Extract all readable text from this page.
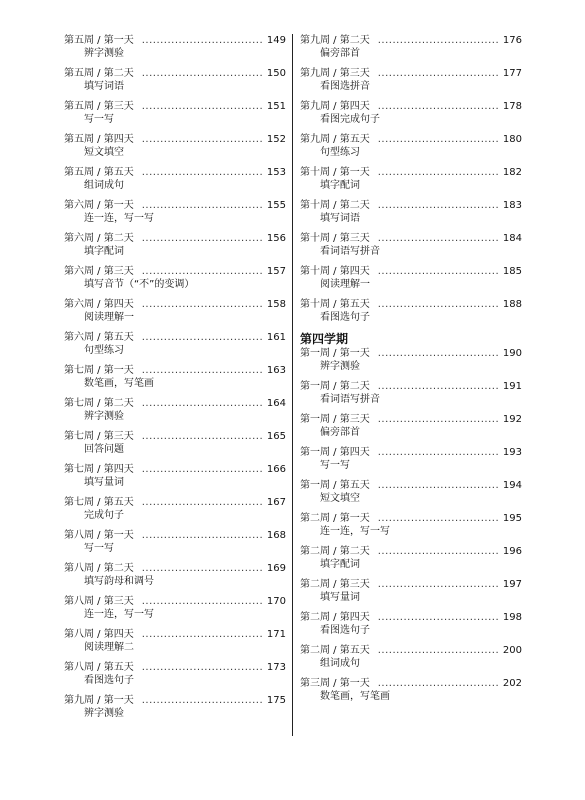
第五周 / 第一天 .....	149
辨字测验
第五周 / 第二天 .....	150
填写词语
第五周 / 第三天 .....	151
写一写
第五周 / 第四天 .....	152
短文填空
第五周 / 第五天 .....	153
组词成句
第六周 / 第一天 .....	155
连一连，写一写
第六周 / 第二天 .....	156
填字配词
第六周 / 第三天 .....	157
填写音节（“不”的变调）
第六周 / 第四天 .....	158
阅读理解一
第六周 / 第五天 .....	161
句型练习
第七周 / 第一天 .....	163
数笔画，写笔画
第七周 / 第二天 .....	164
辨字测验
第七周 / 第三天 .....	165
回答问题
第七周 / 第四天 .....	166
填写量词
第七周 / 第五天 .....	167
完成句子
第八周 / 第一天 .....	168
写一写
第八周 / 第二天 .....	169
填写韵母和调号
第八周 / 第三天 .....	170
连一连，写一写
第八周 / 第四天 .....	171
阅读理解二
第八周 / 第五天 .....	173
看图选句子
第九周 / 第一天 .....	175
辨字测验
第九周 / 第二天 .....	176
偏旁部首
第九周 / 第三天 .....	177
看图选拼音
第九周 / 第四天 .....	178
看图完成句子
第九周 / 第五天 .....	180
句型练习
第十周 / 第一天 .....	182
填字配词
第十周 / 第二天 .....	183
填写词语
第十周 / 第三天 .....	184
看词语写拼音
第十周 / 第四天 .....	185
阅读理解一
第十周 / 第五天 .....	188
看图选句子
第四学期
第一周 / 第一天 .....	190
辨字测验
第一周 / 第二天 .....	191
看词语写拼音
第一周 / 第三天 .....	192
偏旁部首
第一周 / 第四天 .....	193
写一写
第一周 / 第五天 .....	194
短文填空
第二周 / 第一天 .....	195
连一连，写一写
第二周 / 第二天 .....	196
填字配词
第二周 / 第三天 .....	197
填写量词
第二周 / 第四天 .....	198
看图选句子
第二周 / 第五天 .....	200
组词成句
第三周 / 第一天 .....	202
数笔画，写笔画
